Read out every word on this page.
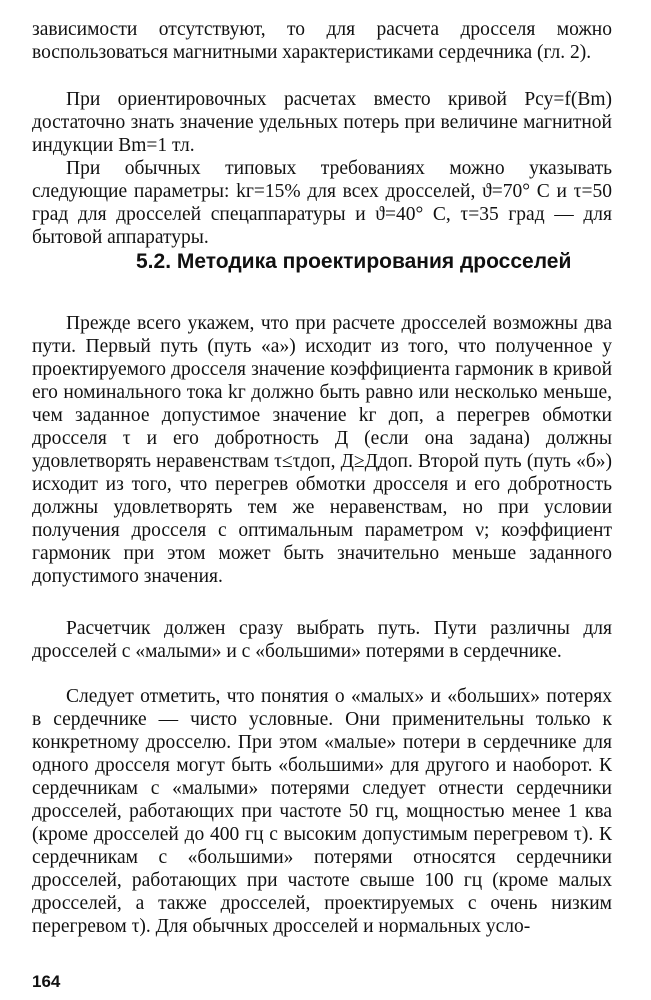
зависимости отсутствуют, то для расчета дросселя можно воспользоваться магнитными характеристиками сердечника (гл. 2).

При ориентировочных расчетах вместо кривой Pсу=f(Bm) достаточно знать значение удельных потерь при величине магнитной индукции Bm=1 тл.

При обычных типовых требованиях можно указывать следующие параметры: kг=15% для всех дросселей, ϑ=70° С и τ=50 град для дросселей спецаппаратуры и ϑ=40° С, τ=35 град — для бытовой аппаратуры.

5.2. Методика проектирования дросселей

Прежде всего укажем, что при расчете дросселей возможны два пути. Первый путь (путь «а») исходит из того, что полученное у проектируемого дросселя значение коэффициента гармоник в кривой его номинального тока kг должно быть равно или несколько меньше, чем заданное допустимое значение kг доп, а перегрев обмотки дросселя τ и его добротность Д (если она задана) должны удовлетворять неравенствам τ≤τдоп, Д≥Ддоп. Второй путь (путь «б») исходит из того, что перегрев обмотки дросселя и его добротность должны удовлетворять тем же неравенствам, но при условии получения дросселя с оптимальным параметром ν; коэффициент гармоник при этом может быть значительно меньше заданного допустимого значения.

Расчетчик должен сразу выбрать путь. Пути различны для дросселей с «малыми» и с «большими» потерями в сердечнике.

Следует отметить, что понятия о «малых» и «больших» потерях в сердечнике — чисто условные. Они применительны только к конкретному дросселю. При этом «малые» потери в сердечнике для одного дросселя могут быть «большими» для другого и наоборот. К сердечникам с «малыми» потерями следует отнести сердечники дросселей, работающих при частоте 50 гц, мощностью менее 1 ква (кроме дросселей до 400 гц с высоким допустимым перегревом τ). К сердечникам с «большими» потерями относятся сердечники дросселей, работающих при частоте свыше 100 гц (кроме малых дросселей, а также дросселей, проектируемых с очень низким перегревом τ). Для обычных дросселей и нормальных усло-

164
